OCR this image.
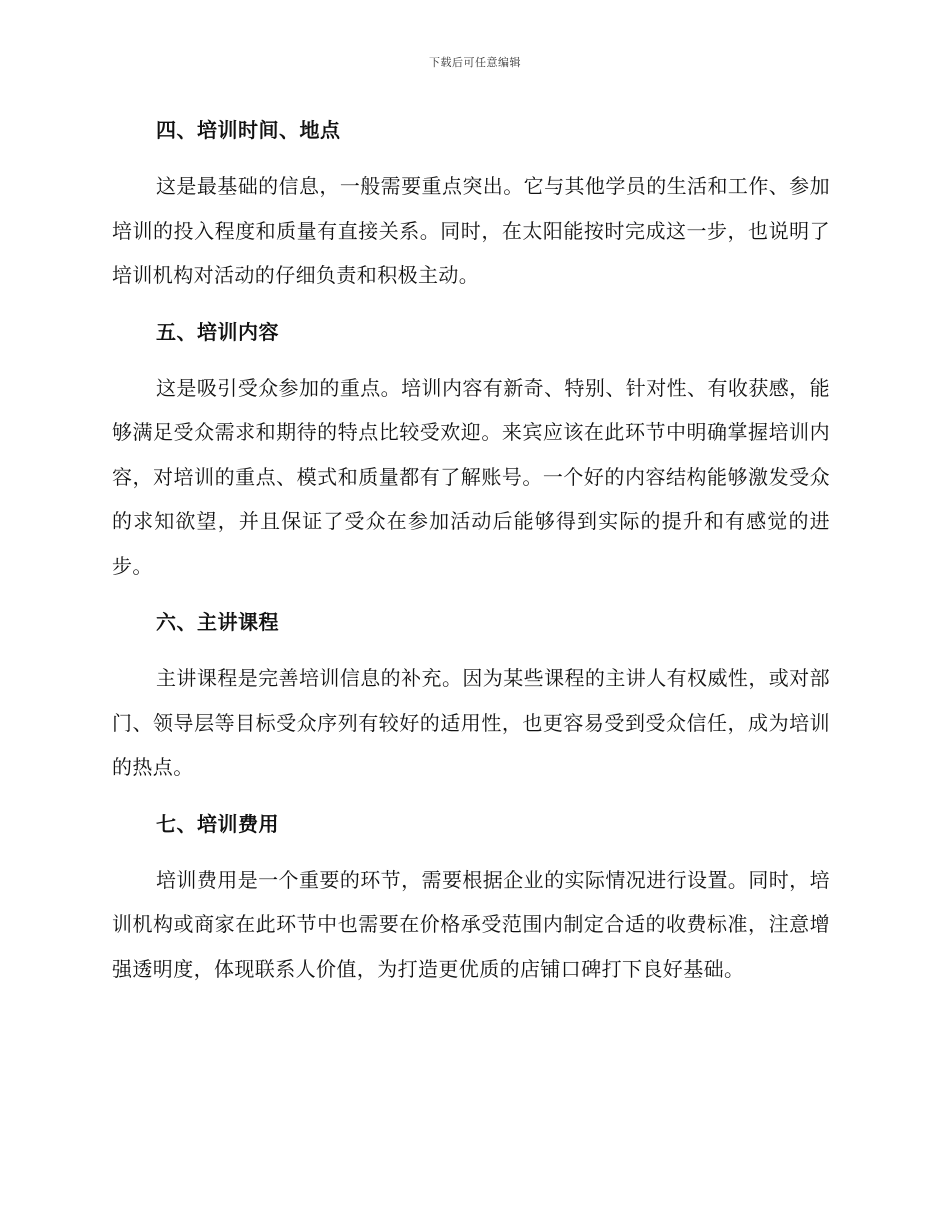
下载后可任意编辑
四、培训时间、地点

这是最基础的信息，一般需要重点突出。它与其他学员的生活和工作、参加培训的投入程度和质量有直接关系。同时，在太阳能按时完成这一步，也说明了培训机构对活动的仔细负责和积极主动。

五、培训内容

这是吸引受众参加的重点。培训内容有新奇、特别、针对性、有收获感，能够满足受众需求和期待的特点比较受欢迎。来宾应该在此环节中明确掌握培训内容，对培训的重点、模式和质量都有了解账号。一个好的内容结构能够激发受众的求知欲望，并且保证了受众在参加活动后能够得到实际的提升和有感觉的进步。

六、主讲课程

主讲课程是完善培训信息的补充。因为某些课程的主讲人有权威性，或对部门、领导层等目标受众序列有较好的适用性，也更容易受到受众信任，成为培训的热点。

七、培训费用

培训费用是一个重要的环节，需要根据企业的实际情况进行设置。同时，培训机构或商家在此环节中也需要在价格承受范围内制定合适的收费标准，注意增强透明度，体现联系人价值，为打造更优质的店铺口碑打下良好基础。
